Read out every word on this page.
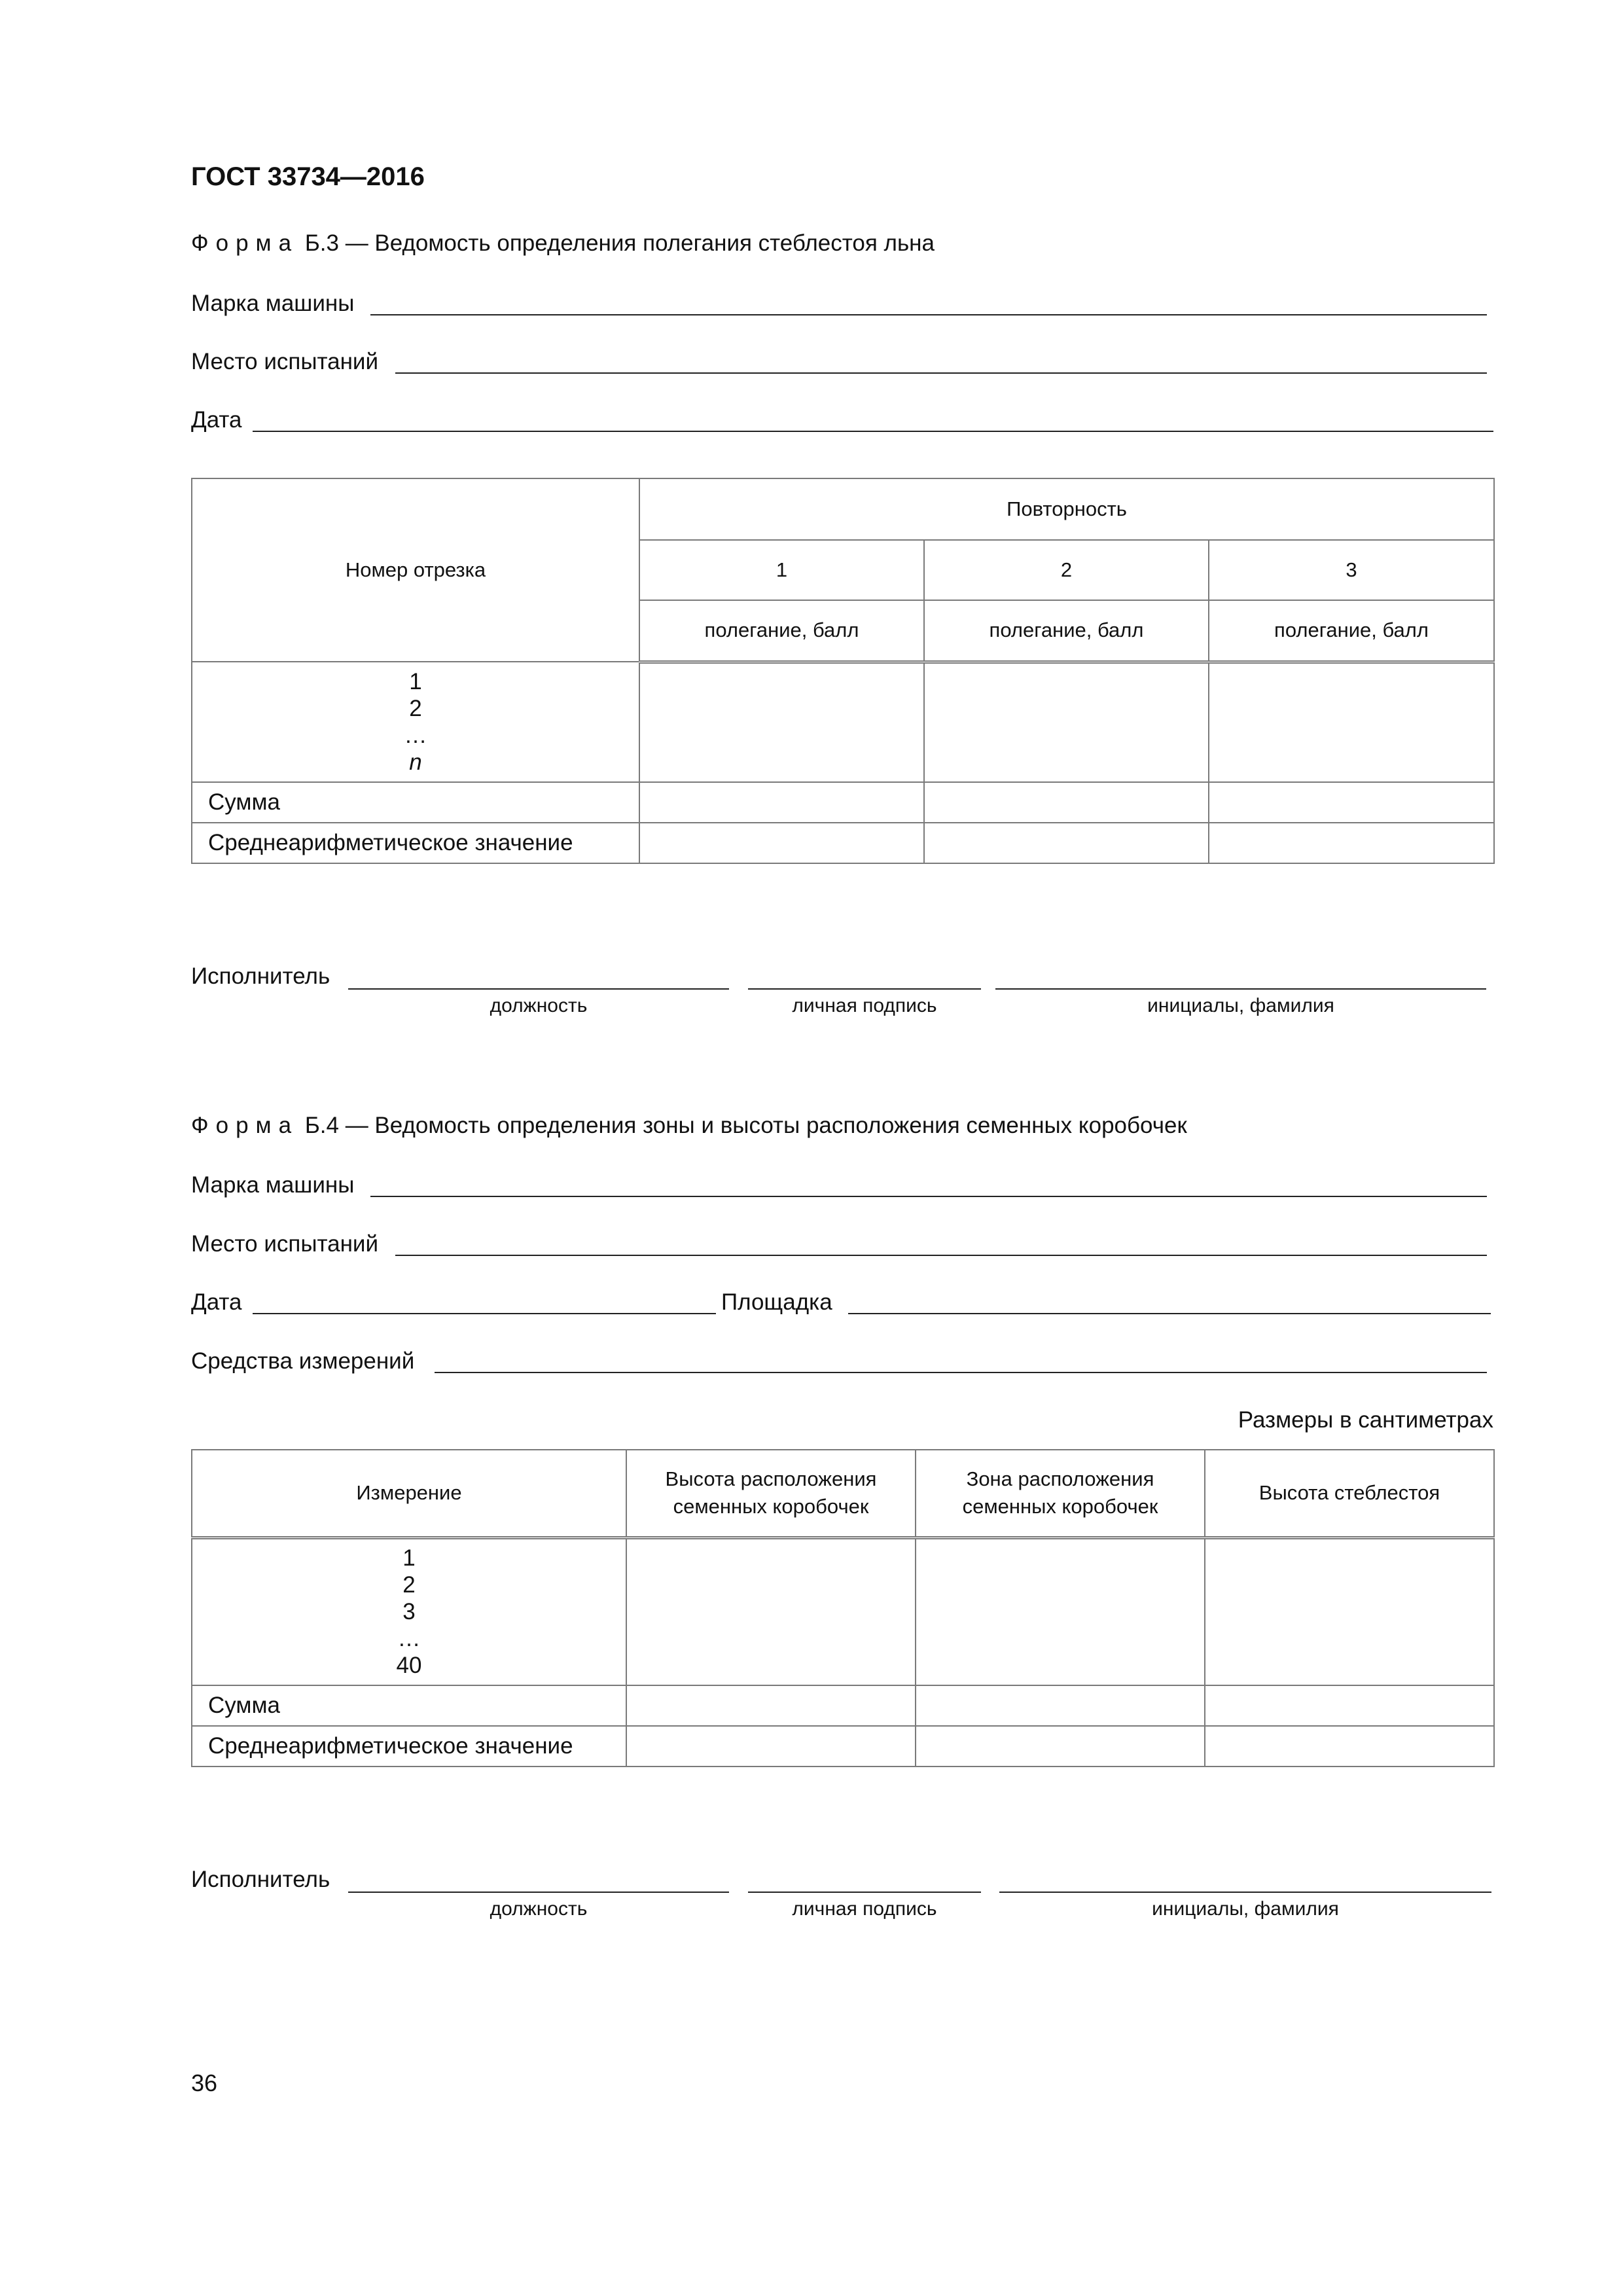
ГОСТ 33734—2016
Форма Б.3 — Ведомость определения полегания стеблестоя льна
Марка машины
Место испытаний
Дата
Номер отрезка	Повторность		
	1	2	3
	полегание, балл	полегание, балл	полегание, балл

1
2
…
n			

Сумма			
Среднеарифметическое значение			
Исполнитель
должность	личная подпись	инициалы, фамилия
Форма Б.4 — Ведомость определения зоны и высоты расположения семенных коробочек
Марка машины
Место испытаний
Дата	Площадка
Средства измерений
Размеры в сантиметрах
Измерение	Высота расположения семенных коробочек	Зона расположения семенных коробочек	Высота стеблестоя

1
2
3
…
40			

Сумма			
Среднеарифметическое значение			
Исполнитель
должность	личная подпись	инициалы, фамилия
36
